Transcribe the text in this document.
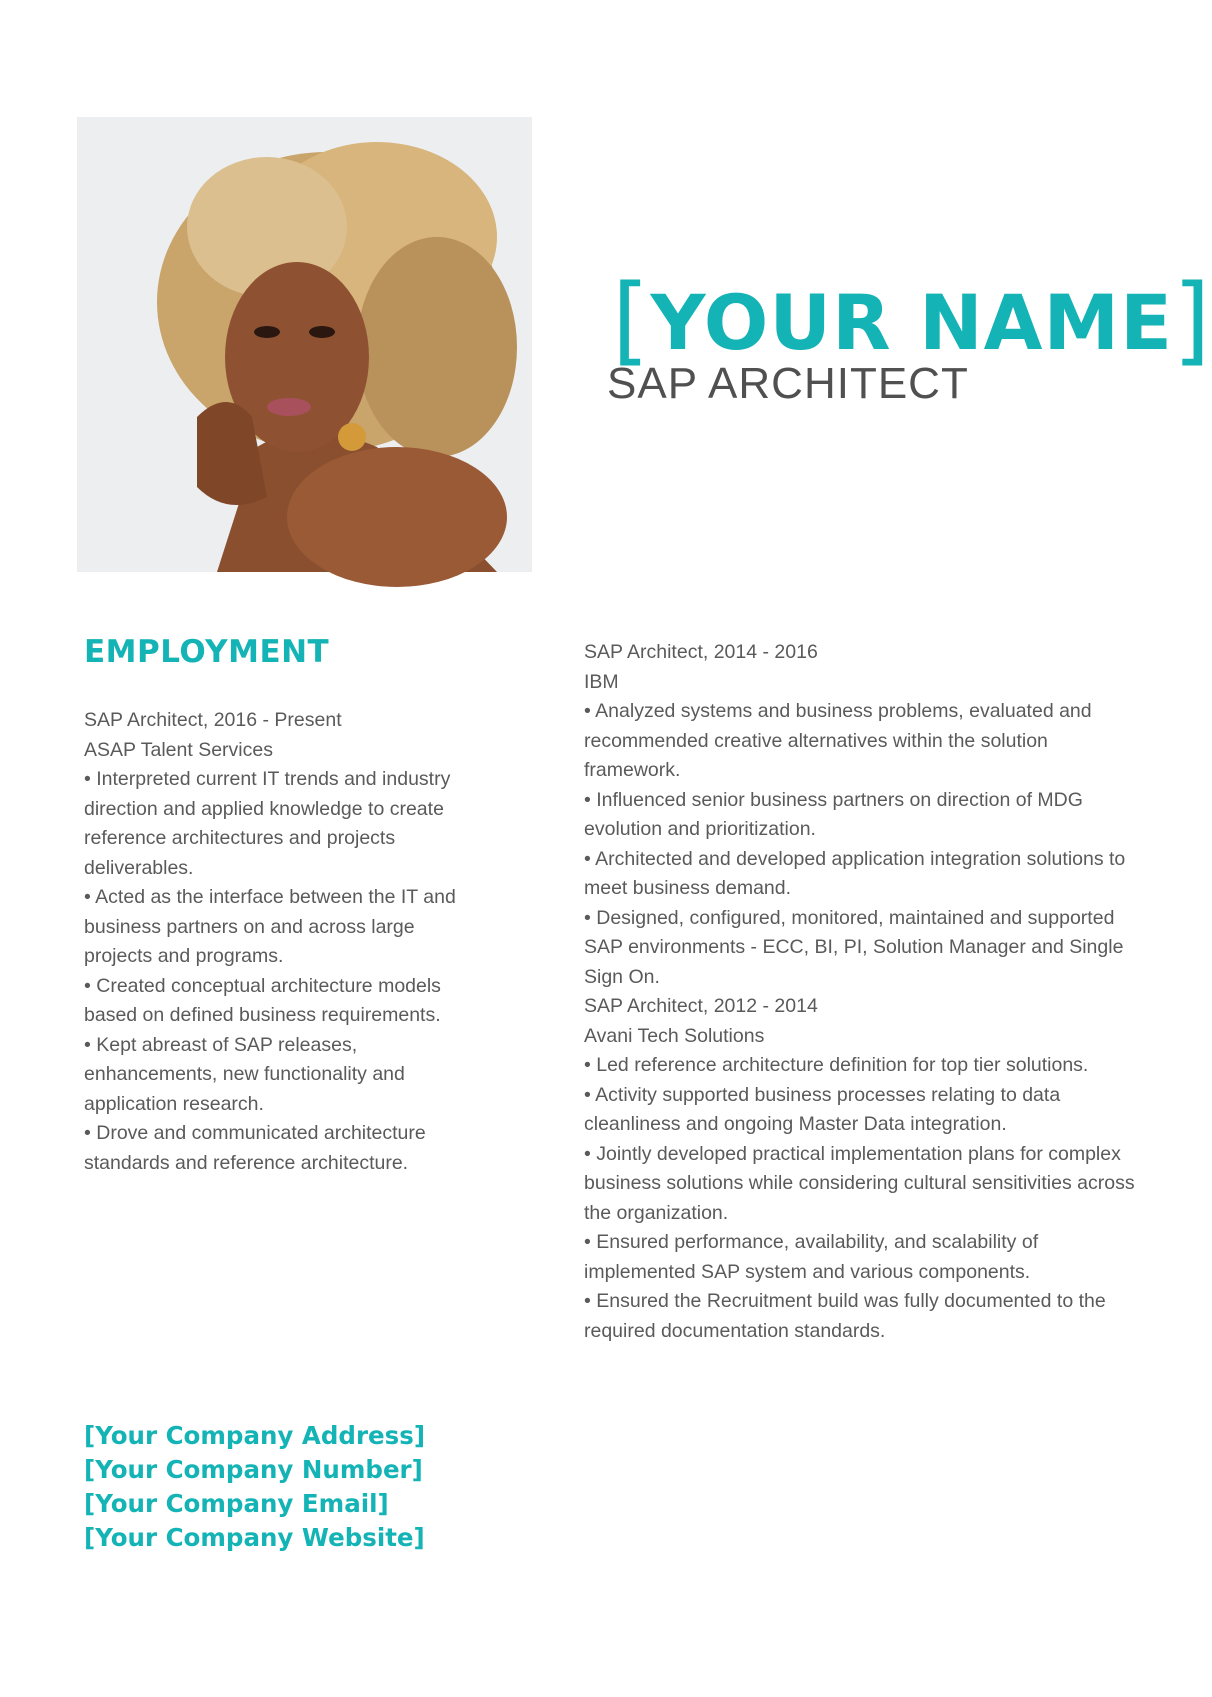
[YOUR NAME]
SAP ARCHITECT
EMPLOYMENT

SAP Architect, 2016 - Present

ASAP Talent Services

• Interpreted current IT trends and industry direction and applied knowledge to create reference architectures and projects deliverables.

• Acted as the interface between the IT and business partners on and across large projects and programs.

• Created conceptual architecture models based on defined business requirements.

• Kept abreast of SAP releases, enhancements, new functionality and application research.

• Drove and communicated architecture standards and reference architecture.

SAP Architect, 2014 - 2016

IBM

• Analyzed systems and business problems, evaluated and recommended creative alternatives within the solution framework.

• Influenced senior business partners on direction of MDG evolution and prioritization.

• Architected and developed application integration solutions to meet business demand.

• Designed, configured, monitored, maintained and supported SAP environments - ECC, BI, PI, Solution Manager and Single Sign On.

SAP Architect, 2012 - 2014

Avani Tech Solutions

• Led reference architecture definition for top tier solutions.

• Activity supported business processes relating to data cleanliness and ongoing Master Data integration.

• Jointly developed practical implementation plans for complex business solutions while considering cultural sensitivities across the organization.

• Ensured performance, availability, and scalability of implemented SAP system and various components.

• Ensured the Recruitment build was fully documented to the required documentation standards.

[Your Company Address]

[Your Company Number]

[Your Company Email]

[Your Company Website]
